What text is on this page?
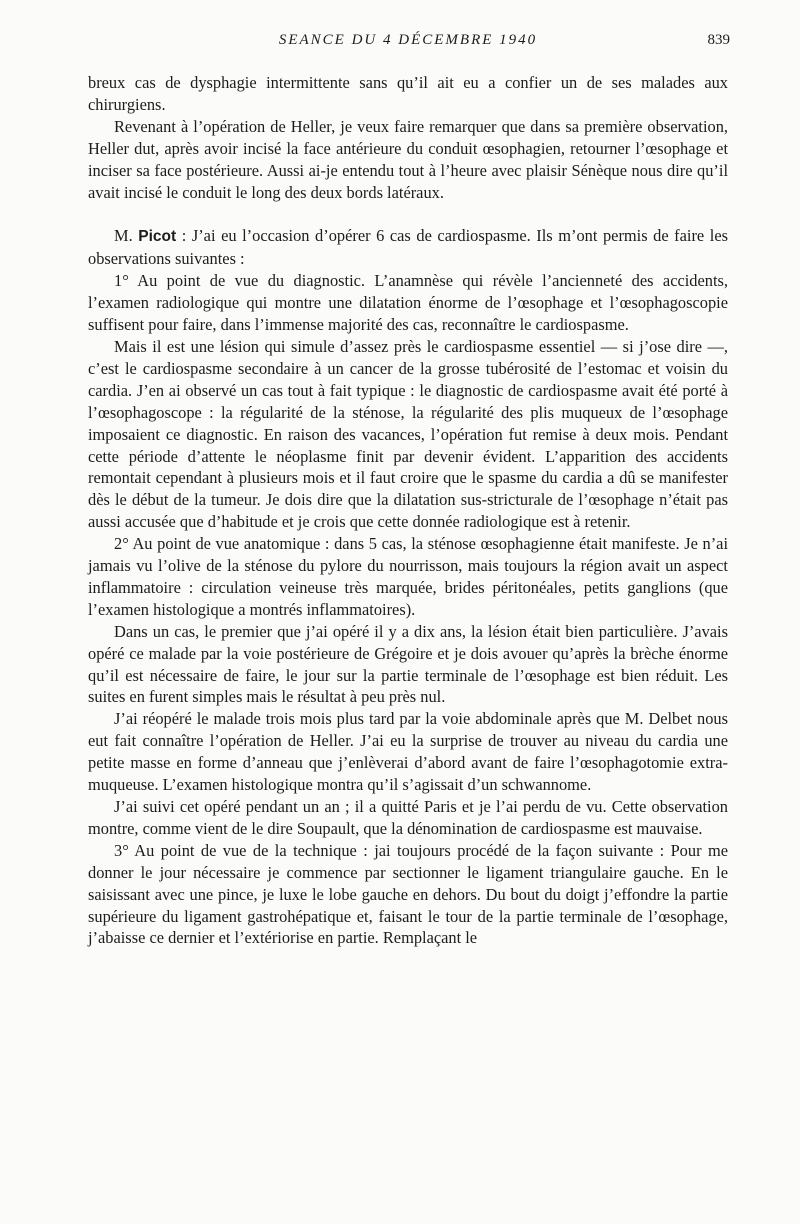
SEANCE DU 4 DÉCEMBRE 1940	839

breux cas de dysphagie intermittente sans qu’il ait eu a confier un de ses malades aux chirurgiens.

Revenant à l’opération de Heller, je veux faire remarquer que dans sa première observation, Heller dut, après avoir incisé la face antérieure du conduit œsophagien, retourner l’œsophage et inciser sa face postérieure. Aussi ai-je entendu tout à l’heure avec plaisir Sénèque nous dire qu’il avait incisé le conduit le long des deux bords latéraux.

M. Picot : J’ai eu l’occasion d’opérer 6 cas de cardiospasme. Ils m’ont permis de faire les observations suivantes :

1° Au point de vue du diagnostic. L’anamnèse qui révèle l’ancienneté des accidents, l’examen radiologique qui montre une dilatation énorme de l’œsophage et l’œsophagoscopie suffisent pour faire, dans l’immense majorité des cas, reconnaître le cardiospasme.

Mais il est une lésion qui simule d’assez près le cardiospasme essentiel — si j’ose dire —, c’est le cardiospasme secondaire à un cancer de la grosse tubérosité de l’estomac et voisin du cardia. J’en ai observé un cas tout à fait typique : le diagnostic de cardiospasme avait été porté à l’œsophagoscope : la régularité de la sténose, la régularité des plis muqueux de l’œsophage imposaient ce diagnostic. En raison des vacances, l’opération fut remise à deux mois. Pendant cette période d’attente le néoplasme finit par devenir évident. L’apparition des accidents remontait cependant à plusieurs mois et il faut croire que le spasme du cardia a dû se manifester dès le début de la tumeur. Je dois dire que la dilatation sus-stricturale de l’œsophage n’était pas aussi accusée que d’habitude et je crois que cette donnée radiologique est à retenir.

2° Au point de vue anatomique : dans 5 cas, la sténose œsophagienne était manifeste. Je n’ai jamais vu l’olive de la sténose du pylore du nourrisson, mais toujours la région avait un aspect inflammatoire : circulation veineuse très marquée, brides péritonéales, petits ganglions (que l’examen histologique a montrés inflammatoires).

Dans un cas, le premier que j’ai opéré il y a dix ans, la lésion était bien particulière. J’avais opéré ce malade par la voie postérieure de Grégoire et je dois avouer qu’après la brèche énorme qu’il est nécessaire de faire, le jour sur la partie terminale de l’œsophage est bien réduit. Les suites en furent simples mais le résultat à peu près nul.

J’ai réopéré le malade trois mois plus tard par la voie abdominale après que M. Delbet nous eut fait connaître l’opération de Heller. J’ai eu la surprise de trouver au niveau du cardia une petite masse en forme d’anneau que j’enlèverai d’abord avant de faire l’œsophagotomie extra-muqueuse. L’examen histologique montra qu’il s’agissait d’un schwannome.

J’ai suivi cet opéré pendant un an ; il a quitté Paris et je l’ai perdu de vu. Cette observation montre, comme vient de le dire Soupault, que la dénomination de cardiospasme est mauvaise.

3° Au point de vue de la technique : jai toujours procédé de la façon suivante : Pour me donner le jour nécessaire je commence par sectionner le ligament triangulaire gauche. En le saisissant avec une pince, je luxe le lobe gauche en dehors. Du bout du doigt j’effondre la partie supérieure du ligament gastrohépatique et, faisant le tour de la partie terminale de l’œsophage, j’abaisse ce dernier et l’extériorise en partie. Remplaçant le
